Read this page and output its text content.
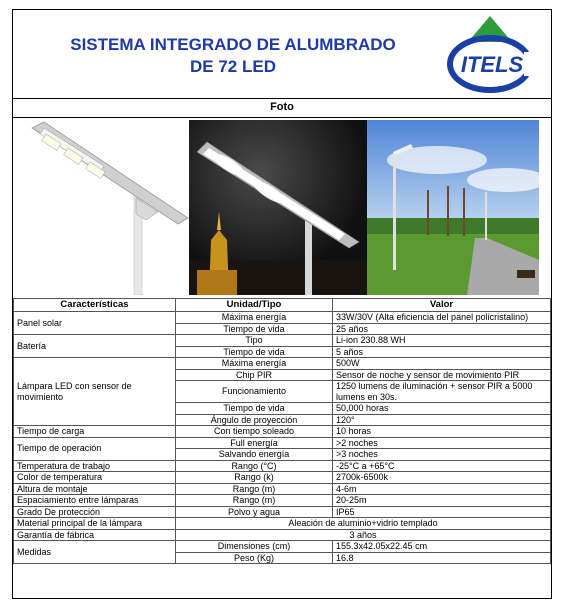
SISTEMA INTEGRADO DE ALUMBRADO
DE 72 LED	ITELS
Foto
Características	Unidad/Tipo	Valor
Panel solar	Máxima energía	33W/30V (Alta eficiencia del panel policristalino)
	Tiempo de vida	25 años
Batería	Tipo	Li-ion 230.88 WH
	Tiempo de vida	5 años
Lámpara LED con sensor de movimiento	Máxima energía	500W
	Chip PIR	Sensor de noche y sensor de movimiento PIR
	Funcionamiento	1250 lumens de iluminación + sensor PIR a 5000
lumens en 30s.
	Tiempo de vida	50,000 horas
	Ángulo de proyección	120°
Tiempo de carga	Con tiempo soleado	10 horas
Tiempo de operación	Full energía	>2 noches
	Salvando energía	>3 noches
Temperatura de trabajo	Rango (°C)	-25°C a +65°C
Color de temperatura	Rango (k)	2700k-6500k
Altura de montaje	Rango (m)	4-6m
Espaciamiento entre lámparas	Rango (m)	20-25m
Grado De protección	Polvo y agua	IP65
Material principal de la lámpara	Aleación de aluminio+vidrio templado	
Garantía de fábrica	3 años	
Medidas	Dimensiones (cm)	155.3x42.05x22.45 cm
	Peso (Kg)	16.8
